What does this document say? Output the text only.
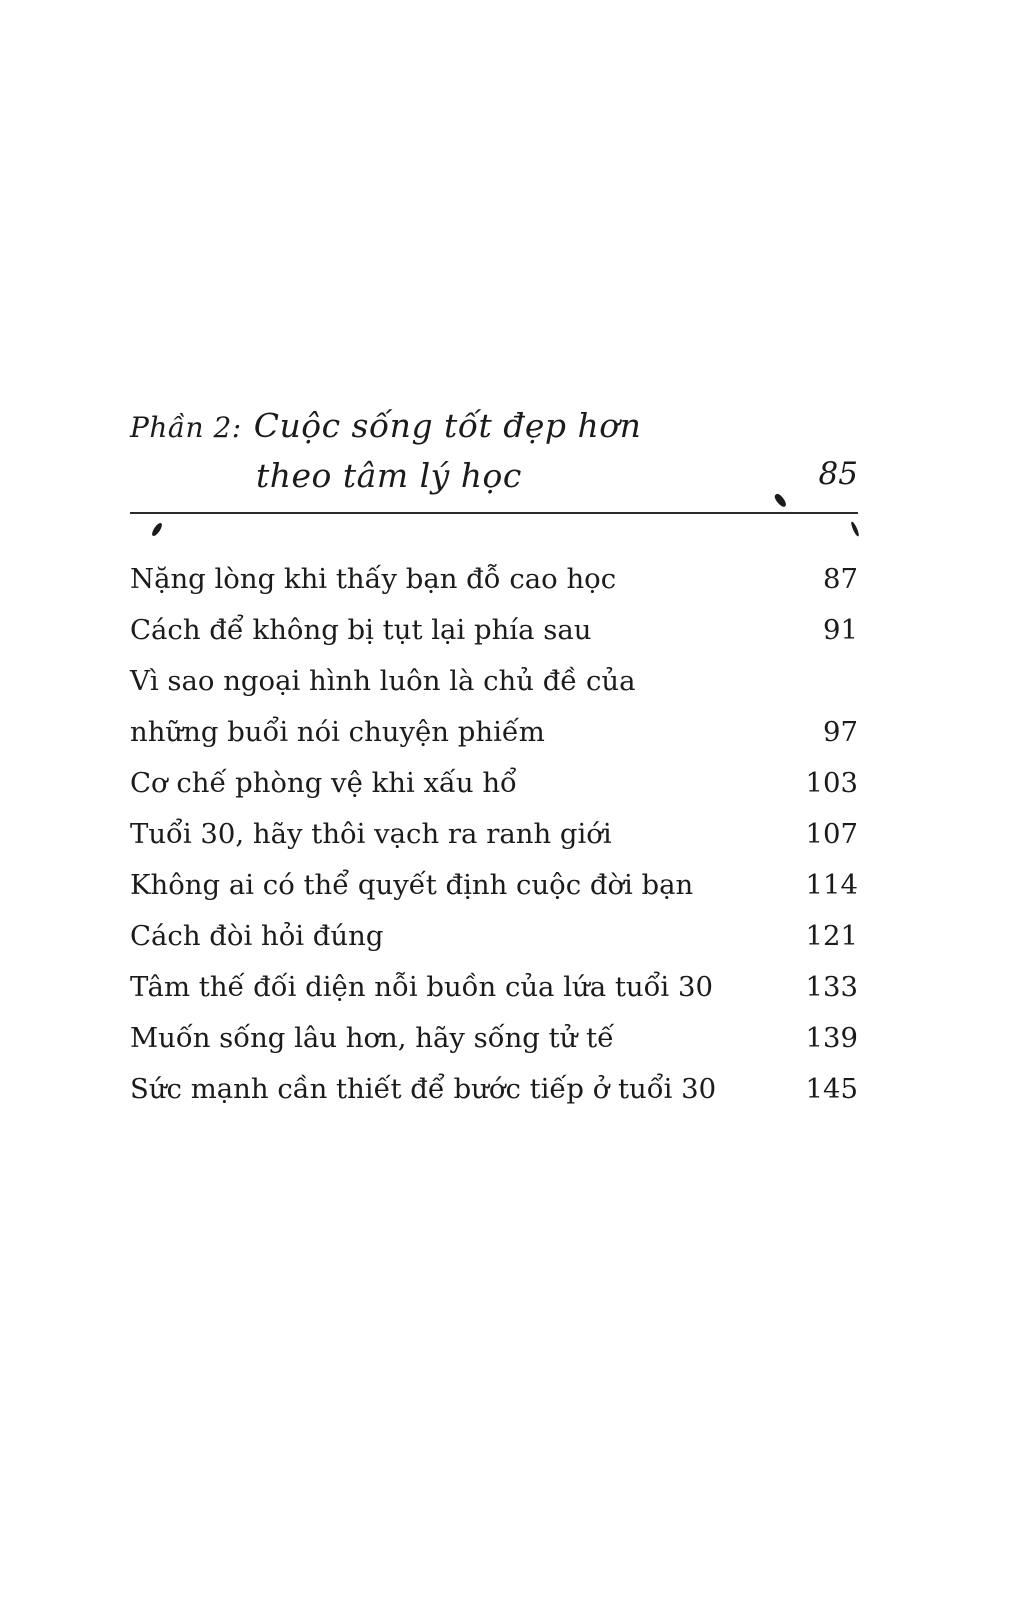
Phần 2: Cuộc sống tốt đẹp hơn
theo tâm lý học	85
Nặng lòng khi thấy bạn đỗ cao học	87
Cách để không bị tụt lại phía sau	91
Vì sao ngoại hình luôn là chủ đề của những buổi nói chuyện phiếm	97
Cơ chế phòng vệ khi xấu hổ	103
Tuổi 30, hãy thôi vạch ra ranh giới	107
Không ai có thể quyết định cuộc đời bạn	114
Cách đòi hỏi đúng	121
Tâm thế đối diện nỗi buồn của lứa tuổi 30	133
Muốn sống lâu hơn, hãy sống tử tế	139
Sức mạnh cần thiết để bước tiếp ở tuổi 30	145
